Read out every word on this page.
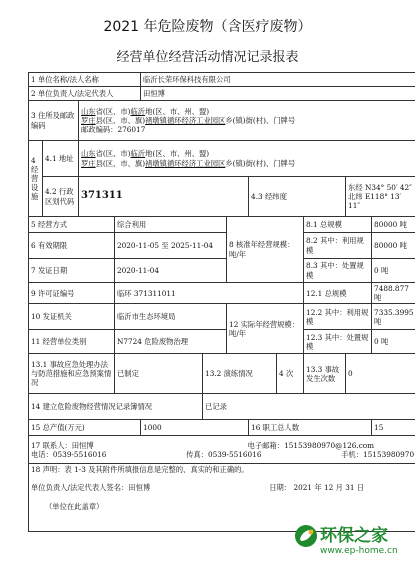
2021 年危险废物（含医疗废物）
经营单位经营活动情况记录报表
1 单位名称/法人名称				临沂长荣环保科技有限公司							
2 单位负责人/法定代表人				田恒博							
3 住所及邮政编码		山东省(区、市)临沂地(区、市、州、盟)
罗庄县(区、市、旗)褚墩镇循环经济工业园区乡(镇)街(村)、门牌号
邮政编码：276017									

4 经营设施	4.1 地址	山东省(区、市)临沂地(区、市、州、盟)
罗庄县(区、市、旗)褚墩镇循环经济工业园区乡(镇)街(村)、门牌号									

	4.2 行政区划代码	371311					4.3 经纬度			东经 N34° 50′ 42″
北纬 E118° 13′ 11″	

5 经营方式			综合利用			8 核准年经营规模：吨/年			8.1 总规模		80000 吨
6 有效期限			2020-11-05 至 2025-11-04						8.2 其中：利用规模		80000 吨
7 发证日期			2020-11-04						8.3 其中：处置规模		0 吨
9 许可证编号			临环 371311011						12.1 总规模		7488.877 吨
10 发证机关			临沂市生态环境局			12 实际年经营规模：吨/年			12.2 其中：利用规模		7335.3995 吨
11 经营单位类别			N7724 危险废物治理						12.3 其中：处置规模		0 吨
13.1 事故应急处理办法与防范措施和应急预案情况			已制定		13.2 演练情况			4 次	13.3 事故发生次数	0	
14 建立危险废物经营情况记录簿情况					已记录						
15 总产值(万元)				1000			16 职工总人数				15

17 联系人：田恒博 电子邮箱：1515398097​0@126.com
电话：0539-5516016 传真：0539-5516016 手机：15153980970											

18 声明：表 1-3 及其附件所填报信息是完整的、真实的和正确的。
单位负责人/法定代表人签名：田恒博 日期： 2021 年 12 月 31 日
（单位在此盖章）											
环保之家
www.ep-home.cn
